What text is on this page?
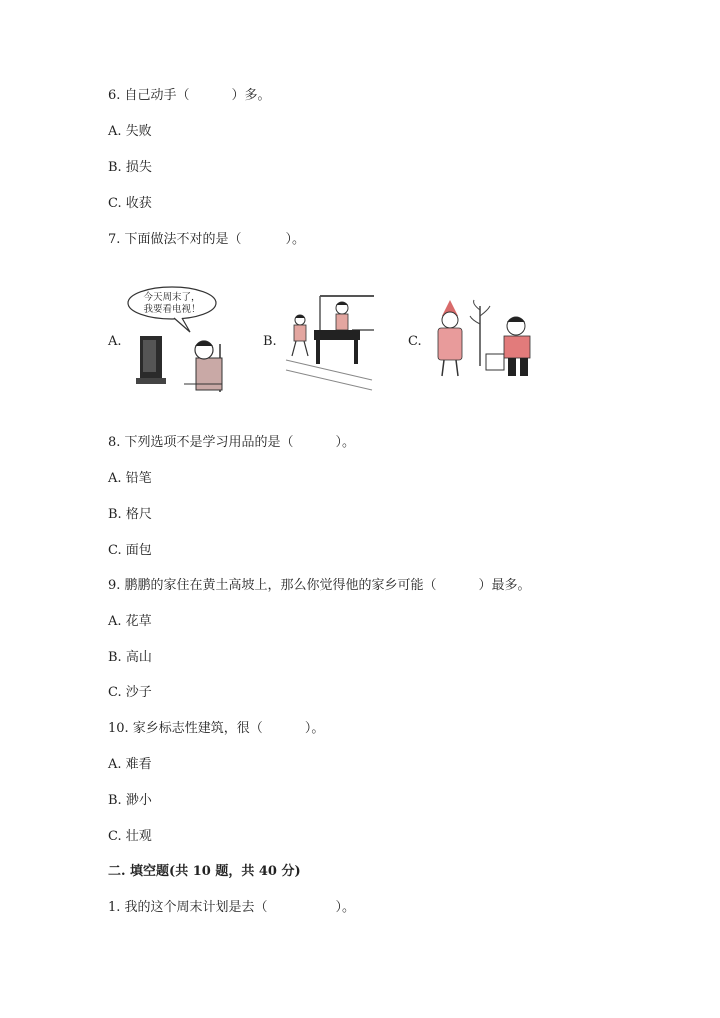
6. 自己动手（	）多。
A. 失败
B. 损失
C. 收获
7. 下面做法不对的是（	）。
A.	B.	C.
今天周末了，
我要看电视！
8. 下列选项不是学习用品的是（	）。
A. 铅笔
B. 格尺
C. 面包
9. 鹏鹏的家住在黄土高坡上，那么你觉得他的家乡可能（	）最多。
A. 花草
B. 高山
C. 沙子
10. 家乡标志性建筑，很（	）。
A. 难看
B. 渺小
C. 壮观
二. 填空题(共 10 题，共 40 分)
1. 我的这个周末计划是去（	）。
